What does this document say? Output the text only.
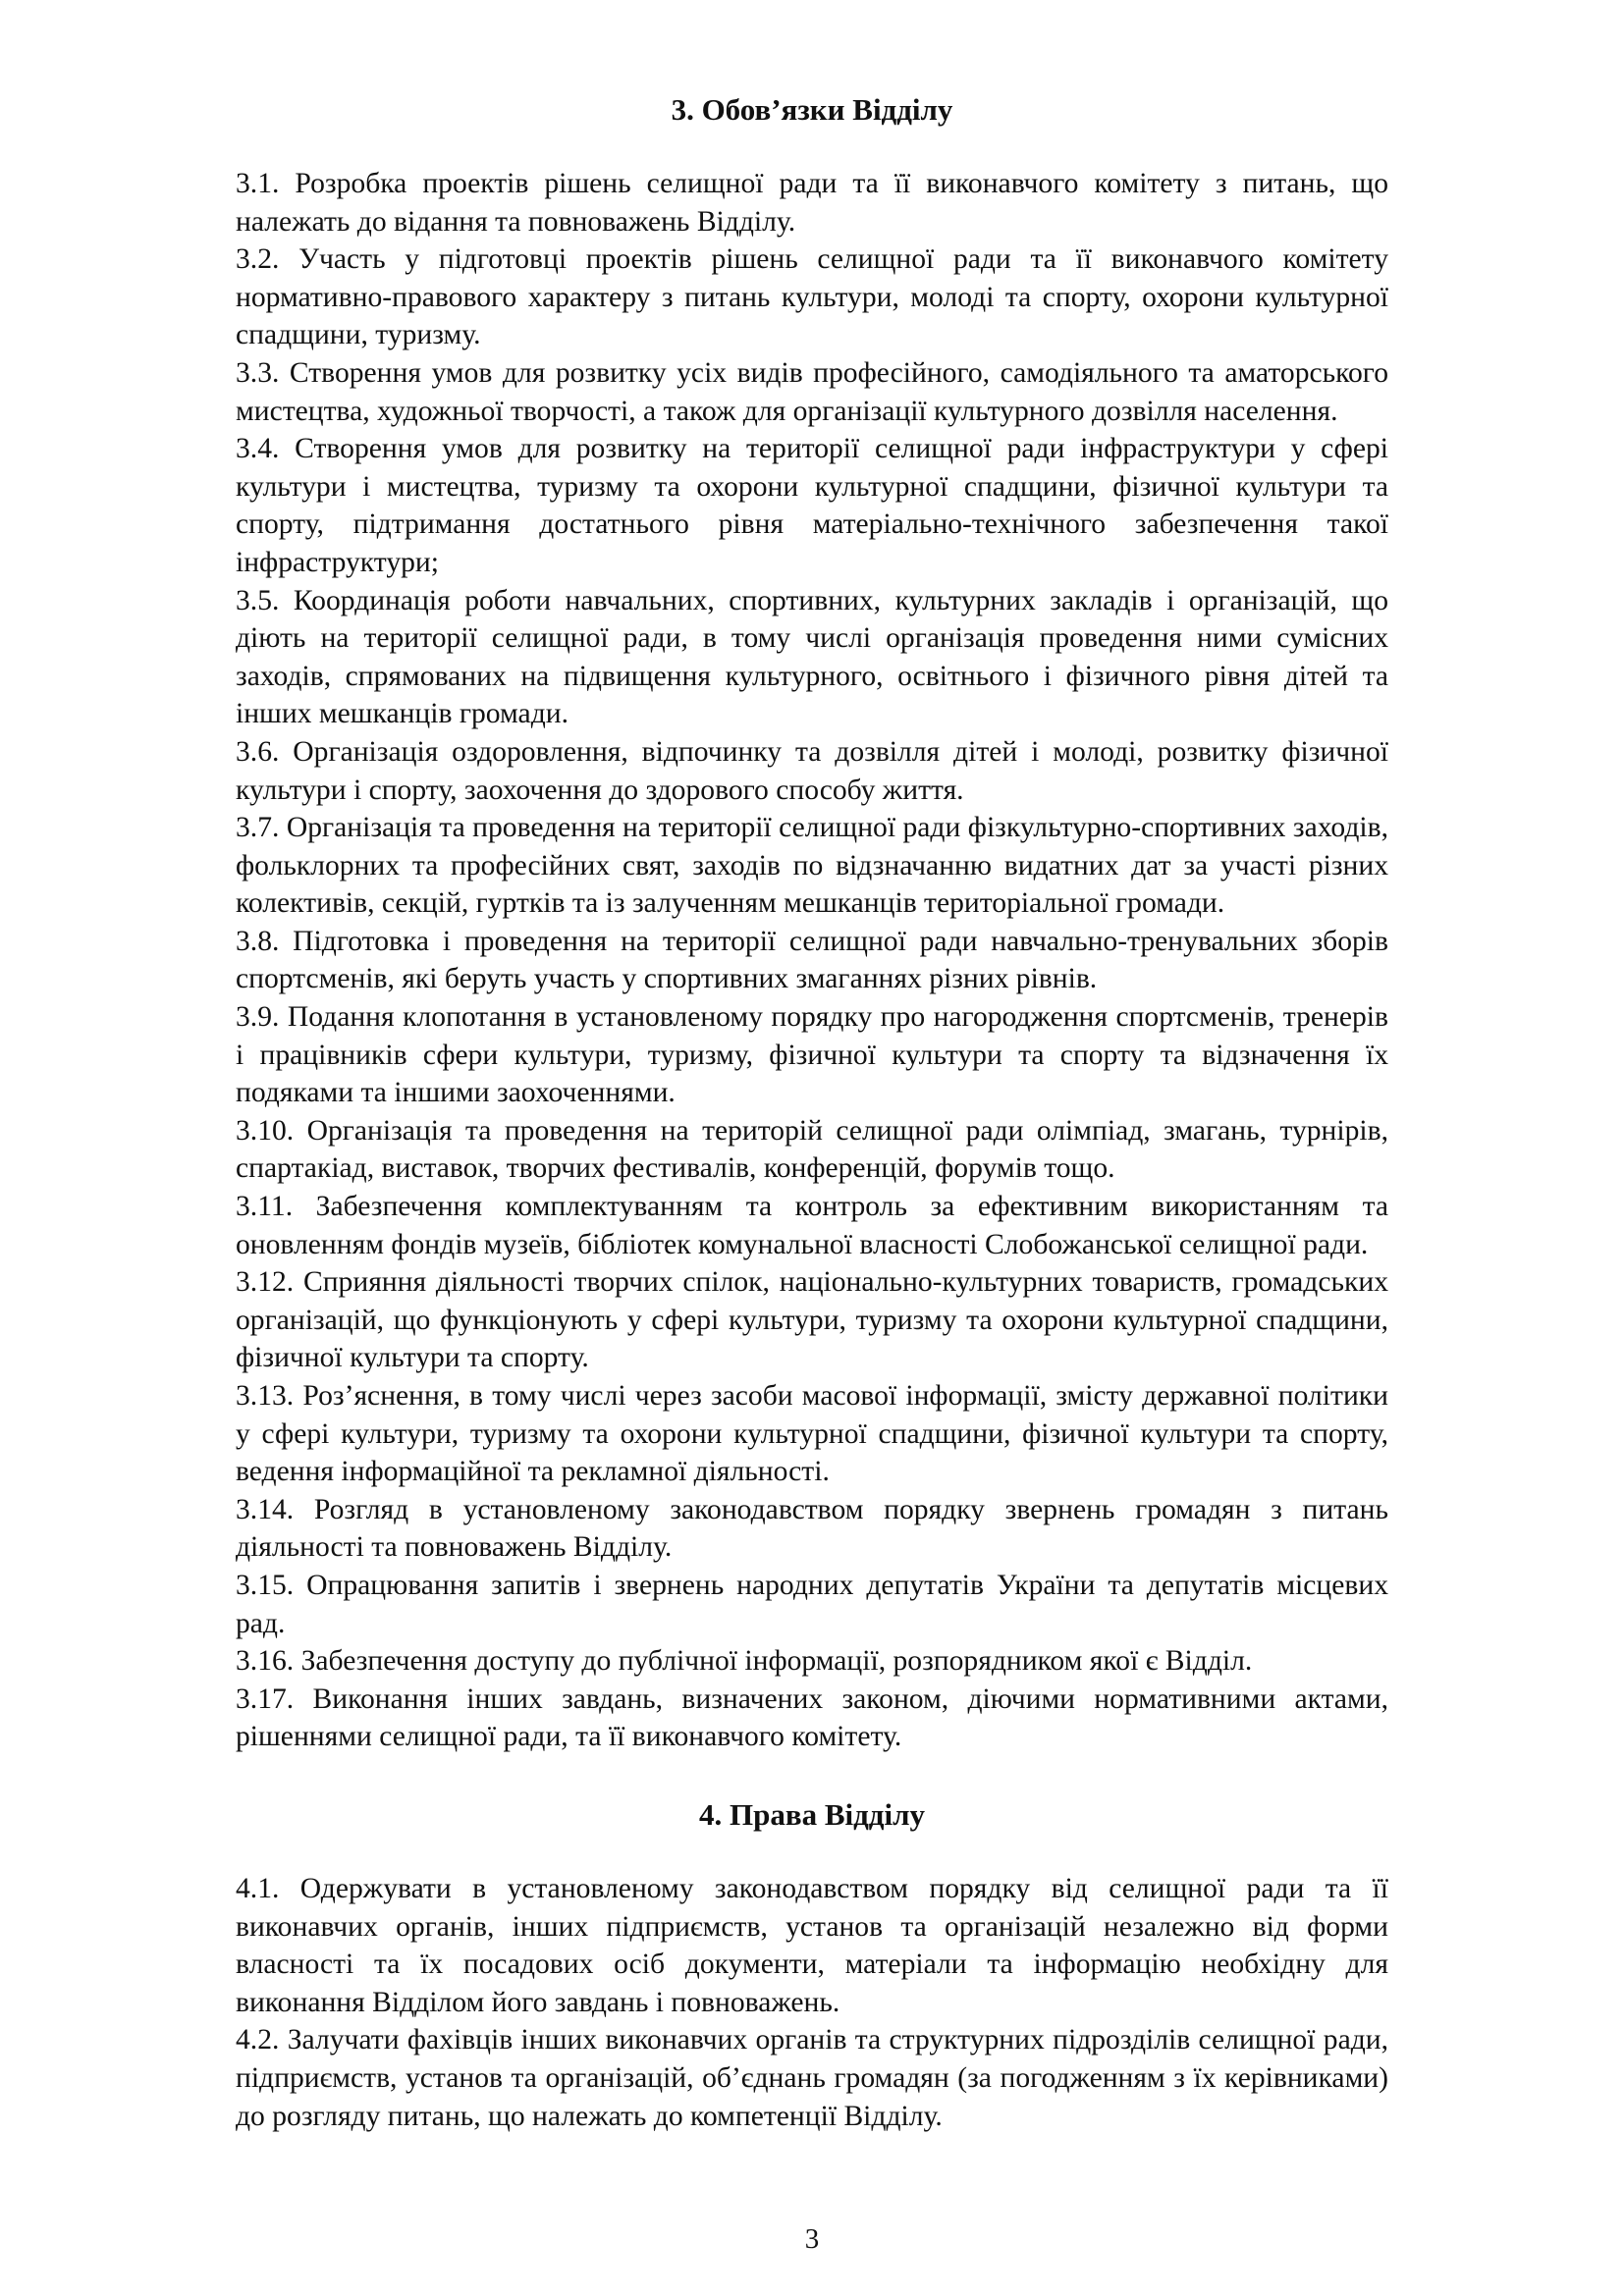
3. Обов’язки Відділу

3.1. Розробка проектів рішень селищної ради та її виконавчого комітету з питань, що належать до відання та повноважень Відділу.

3.2. Участь у підготовці проектів рішень селищної ради та її виконавчого комітету нормативно-правового характеру з питань культури, молоді та спорту, охорони культурної спадщини, туризму.

3.3. Створення умов для розвитку усіх видів професійного, самодіяльного та аматорського мистецтва, художньої творчості, а також для організації культурного дозвілля населення.

3.4. Створення умов для розвитку на території селищної ради інфраструктури у сфері культури і мистецтва, туризму та охорони культурної спадщини, фізичної культури та спорту, підтримання достатнього рівня матеріально-технічного забезпечення такої інфраструктури;

3.5. Координація роботи навчальних, спортивних, культурних закладів і організацій, що діють на території селищної ради, в тому числі організація проведення ними сумісних заходів, спрямованих на підвищення культурного, освітнього і фізичного рівня дітей та інших мешканців громади.

3.6. Організація оздоровлення, відпочинку та дозвілля дітей і молоді, розвитку фізичної культури і спорту, заохочення до здорового способу життя.

3.7. Організація та проведення на території селищної ради фізкультурно-спортивних заходів, фольклорних та професійних свят, заходів по відзначанню видатних дат за участі різних колективів, секцій, гуртків та із залученням мешканців територіальної громади.

3.8. Підготовка і проведення на території селищної ради навчально-тренувальних зборів спортсменів, які беруть участь у спортивних змаганнях різних рівнів.

3.9. Подання клопотання в установленому порядку про нагородження спортсменів, тренерів і працівників сфери культури, туризму, фізичної культури та спорту та відзначення їх подяками та іншими заохоченнями.

3.10. Організація та проведення на територій селищної ради олімпіад, змагань, турнірів, спартакіад, виставок, творчих фестивалів, конференцій, форумів тощо.

3.11. Забезпечення комплектуванням та контроль за ефективним використанням та оновленням фондів музеїв, бібліотек комунальної власності Слобожанської селищної ради.

3.12. Сприяння діяльності творчих спілок, національно-культурних товариств, громадських організацій, що функціонують у сфері культури, туризму та охорони культурної спадщини, фізичної культури та спорту.

3.13. Роз’яснення, в тому числі через засоби масової інформації, змісту державної політики у сфері культури, туризму та охорони культурної спадщини, фізичної культури та спорту, ведення інформаційної та рекламної діяльності.

3.14. Розгляд в установленому законодавством порядку звернень громадян з питань діяльності та повноважень Відділу.

3.15. Опрацювання запитів і звернень народних депутатів України та депутатів місцевих рад.

3.16. Забезпечення доступу до публічної інформації, розпорядником якої є Відділ.

3.17. Виконання інших завдань, визначених законом, діючими нормативними актами, рішеннями селищної ради, та її виконавчого комітету.

4. Права Відділу

4.1. Одержувати в установленому законодавством порядку від селищної ради та її виконавчих органів, інших підприємств, установ та організацій незалежно від форми власності та їх посадових осіб документи, матеріали та інформацію необхідну для виконання Відділом його завдань і повноважень.

4.2. Залучати фахівців інших виконавчих органів та структурних підрозділів селищної ради, підприємств, установ та організацій, об’єднань громадян (за погодженням з їх керівниками) до розгляду питань, що належать до компетенції Відділу.

3
